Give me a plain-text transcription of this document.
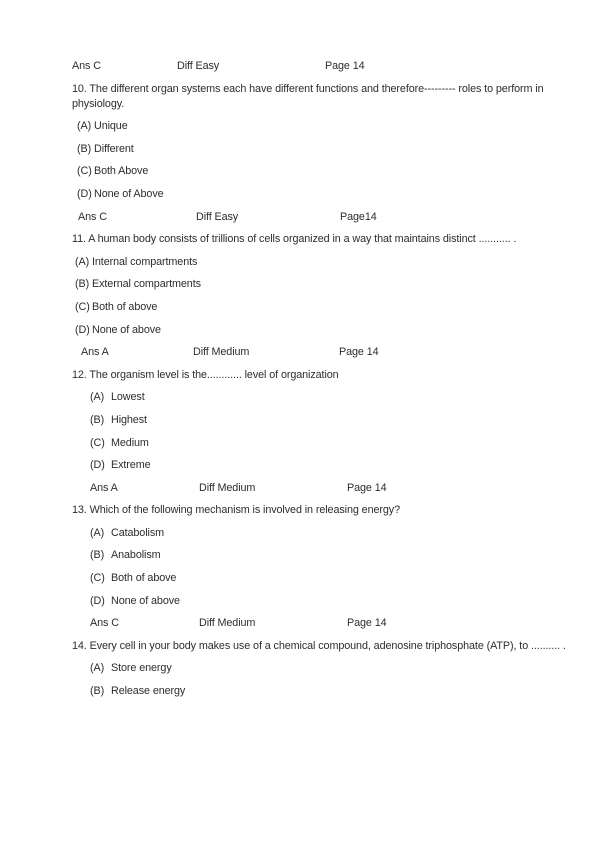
Ans C	Diff Easy	Page 14
10. The different organ systems each have different functions and therefore--------- roles to perform in
physiology.
(A) Unique
(B) Different
(C) Both Above
(D) None of Above
Ans C	Diff Easy	Page14
11. A human body consists of trillions of cells organized in a way that maintains distinct ........... .
(A) Internal compartments
(B) External compartments
(C) Both of above
(D) None of above
Ans A	Diff Medium	Page 14
12. The organism level is the............ level of organization
(A) Lowest
(B) Highest
(C) Medium
(D) Extreme
Ans A	Diff Medium	Page 14
13. Which of the following mechanism is involved in releasing energy?
(A) Catabolism
(B) Anabolism
(C) Both of above
(D) None of above
Ans C	Diff Medium	Page 14
14. Every cell in your body makes use of a chemical compound, adenosine triphosphate (ATP), to .......... .
(A) Store energy
(B) Release energy
